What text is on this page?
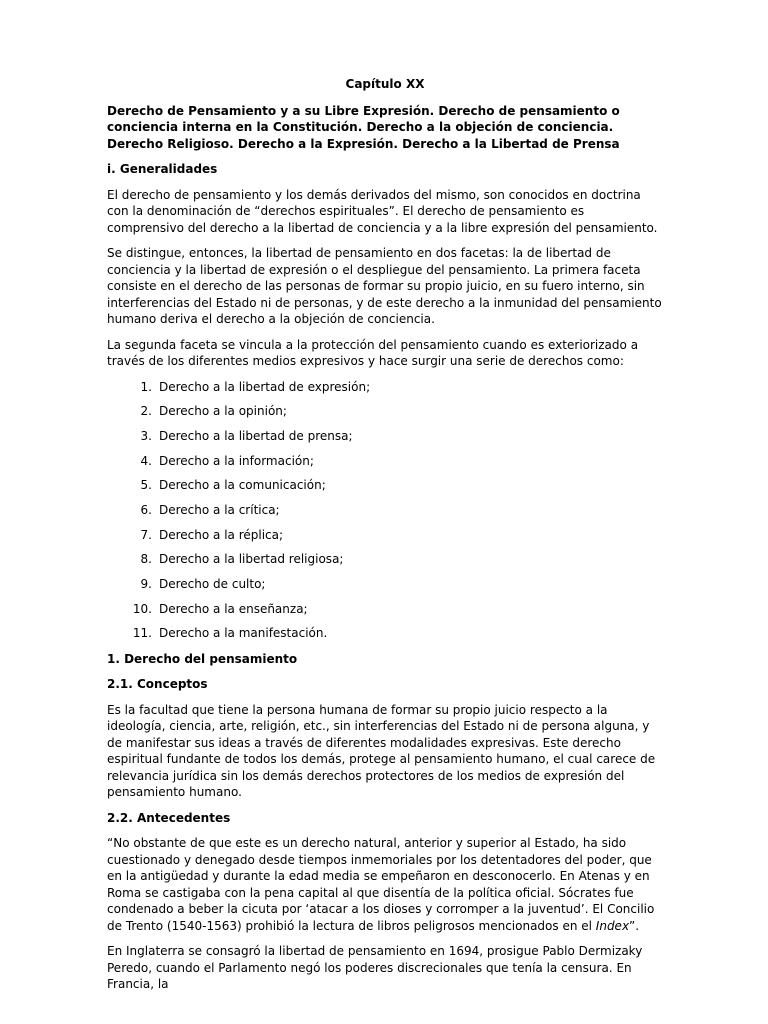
Capítulo XX
Derecho de Pensamiento y a su Libre Expresión. Derecho de pensamiento o conciencia interna en la Constitución. Derecho a la objeción de conciencia. Derecho Religioso. Derecho a la Expresión. Derecho a la Libertad de Prensa
i. Generalidades

El derecho de pensamiento y los demás derivados del mismo, son conocidos en doctrina con la denominación de “derechos espirituales”. El derecho de pensamiento es comprensivo del derecho a la libertad de conciencia y a la libre expresión del pensamiento.

Se distingue, entonces, la libertad de pensamiento en dos facetas: la de libertad de conciencia y la libertad de expresión o el despliegue del pensamiento. La primera faceta consiste en el derecho de las personas de formar su propio juicio, en su fuero interno, sin interferencias del Estado ni de personas, y de este derecho a la inmunidad del pensamiento humano deriva el derecho a la objeción de conciencia.

La segunda faceta se vincula a la protección del pensamiento cuando es exteriorizado a través de los diferentes medios expresivos y hace surgir una serie de derechos como:

1. Derecho a la libertad de expresión;
2. Derecho a la opinión;
3. Derecho a la libertad de prensa;
4. Derecho a la información;
5. Derecho a la comunicación;
6. Derecho a la crítica;
7. Derecho a la réplica;
8. Derecho a la libertad religiosa;
9. Derecho de culto;
10. Derecho a la enseñanza;
11. Derecho a la manifestación.
1. Derecho del pensamiento
2.1. Conceptos

Es la facultad que tiene la persona humana de formar su propio juicio respecto a la ideología, ciencia, arte, religión, etc., sin interferencias del Estado ni de persona alguna, y de manifestar sus ideas a través de diferentes modalidades expresivas. Este derecho espiritual fundante de todos los demás, protege al pensamiento humano, el cual carece de relevancia jurídica sin los demás derechos protectores de los medios de expresión del pensamiento humano.

2.2. Antecedentes

“No obstante de que este es un derecho natural, anterior y superior al Estado, ha sido cuestionado y denegado desde tiempos inmemoriales por los detentadores del poder, que en la antigüedad y durante la edad media se empeñaron en desconocerlo. En Atenas y en Roma se castigaba con la pena capital al que disentía de la política oficial. Sócrates fue condenado a beber la cicuta por ‘atacar a los dioses y corromper a la juventud’. El Concilio de Trento (1540-1563) prohibió la lectura de libros peligrosos mencionados en el Index”.

En Inglaterra se consagró la libertad de pensamiento en 1694, prosigue Pablo Dermizaky Peredo, cuando el Parlamento negó los poderes discrecionales que tenía la censura. En Francia, la
